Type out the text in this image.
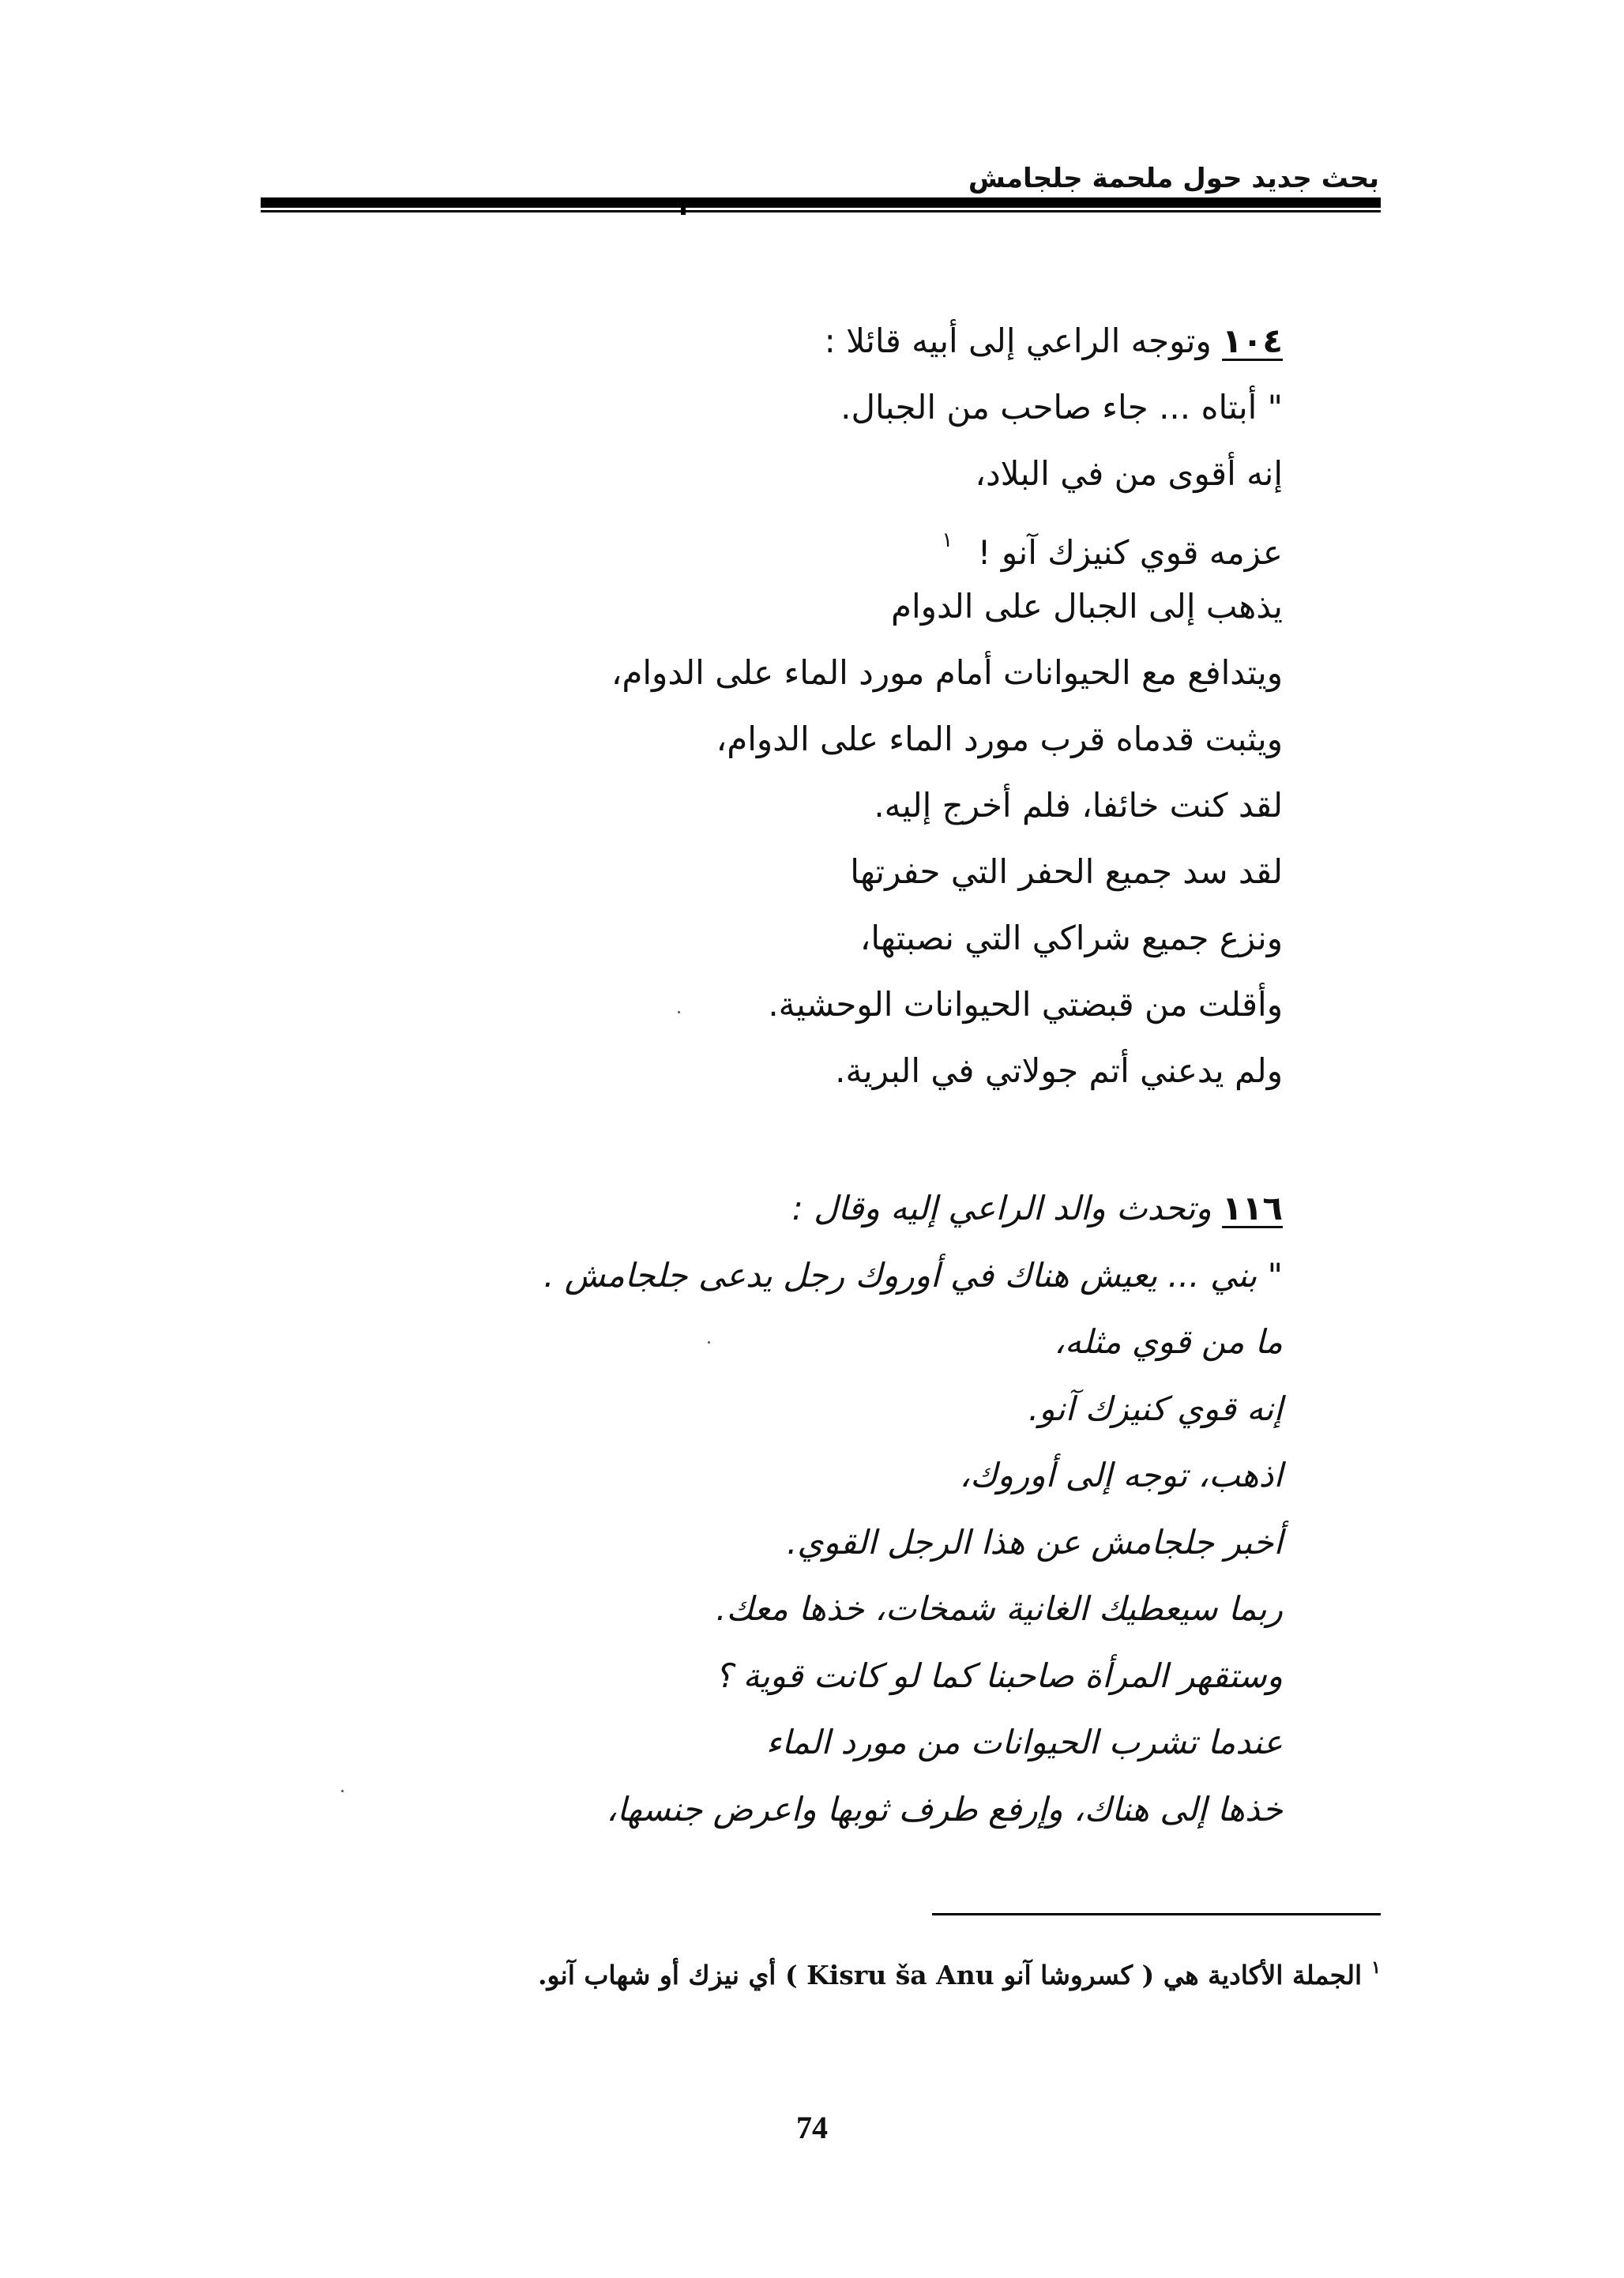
بحث جديد حول ملحمة جلجامش
١٠٤ وتوجه الراعي إلى أبيه قائلا :
" أبتاه ... جاء صاحب من الجبال.
إنه أقوى من في البلاد،
عزمه قوي كنيزك آنو ! $^١$
يذهب إلى الجبال على الدوام
ويتدافع مع الحيوانات أمام مورد الماء على الدوام،
ويثبت قدماه قرب مورد الماء على الدوام،
لقد كنت خائفا، فلم أخرج إليه.
لقد سد جميع الحفر التي حفرتها
ونزع جميع شراكي التي نصبتها،
وأقلت من قبضتي الحيوانات الوحشية.
ولم يدعني أتم جولاتي في البرية.
١١٦ وتحدث والد الراعي إليه وقال :
" بني ... يعيش هناك في أوروك رجل يدعى جلجامش .
ما من قوي مثله،
إنه قوي كنيزك آنو.
اذهب، توجه إلى أوروك،
أخبر جلجامش عن هذا الرجل القوي.
ربما سيعطيك الغانية شمخات، خذها معك.
وستقهر المرأة صاحبنا كما لو كانت قوية ؟
عندما تشرب الحيوانات من مورد الماء
خذها إلى هناك، وإرفع طرف ثوبها واعرض جنسها،
$^١$الجملة الأكادية هي ( كسروشا آنو Kisru ša Anu ) أي نيزك أو شهاب آنو.
74
